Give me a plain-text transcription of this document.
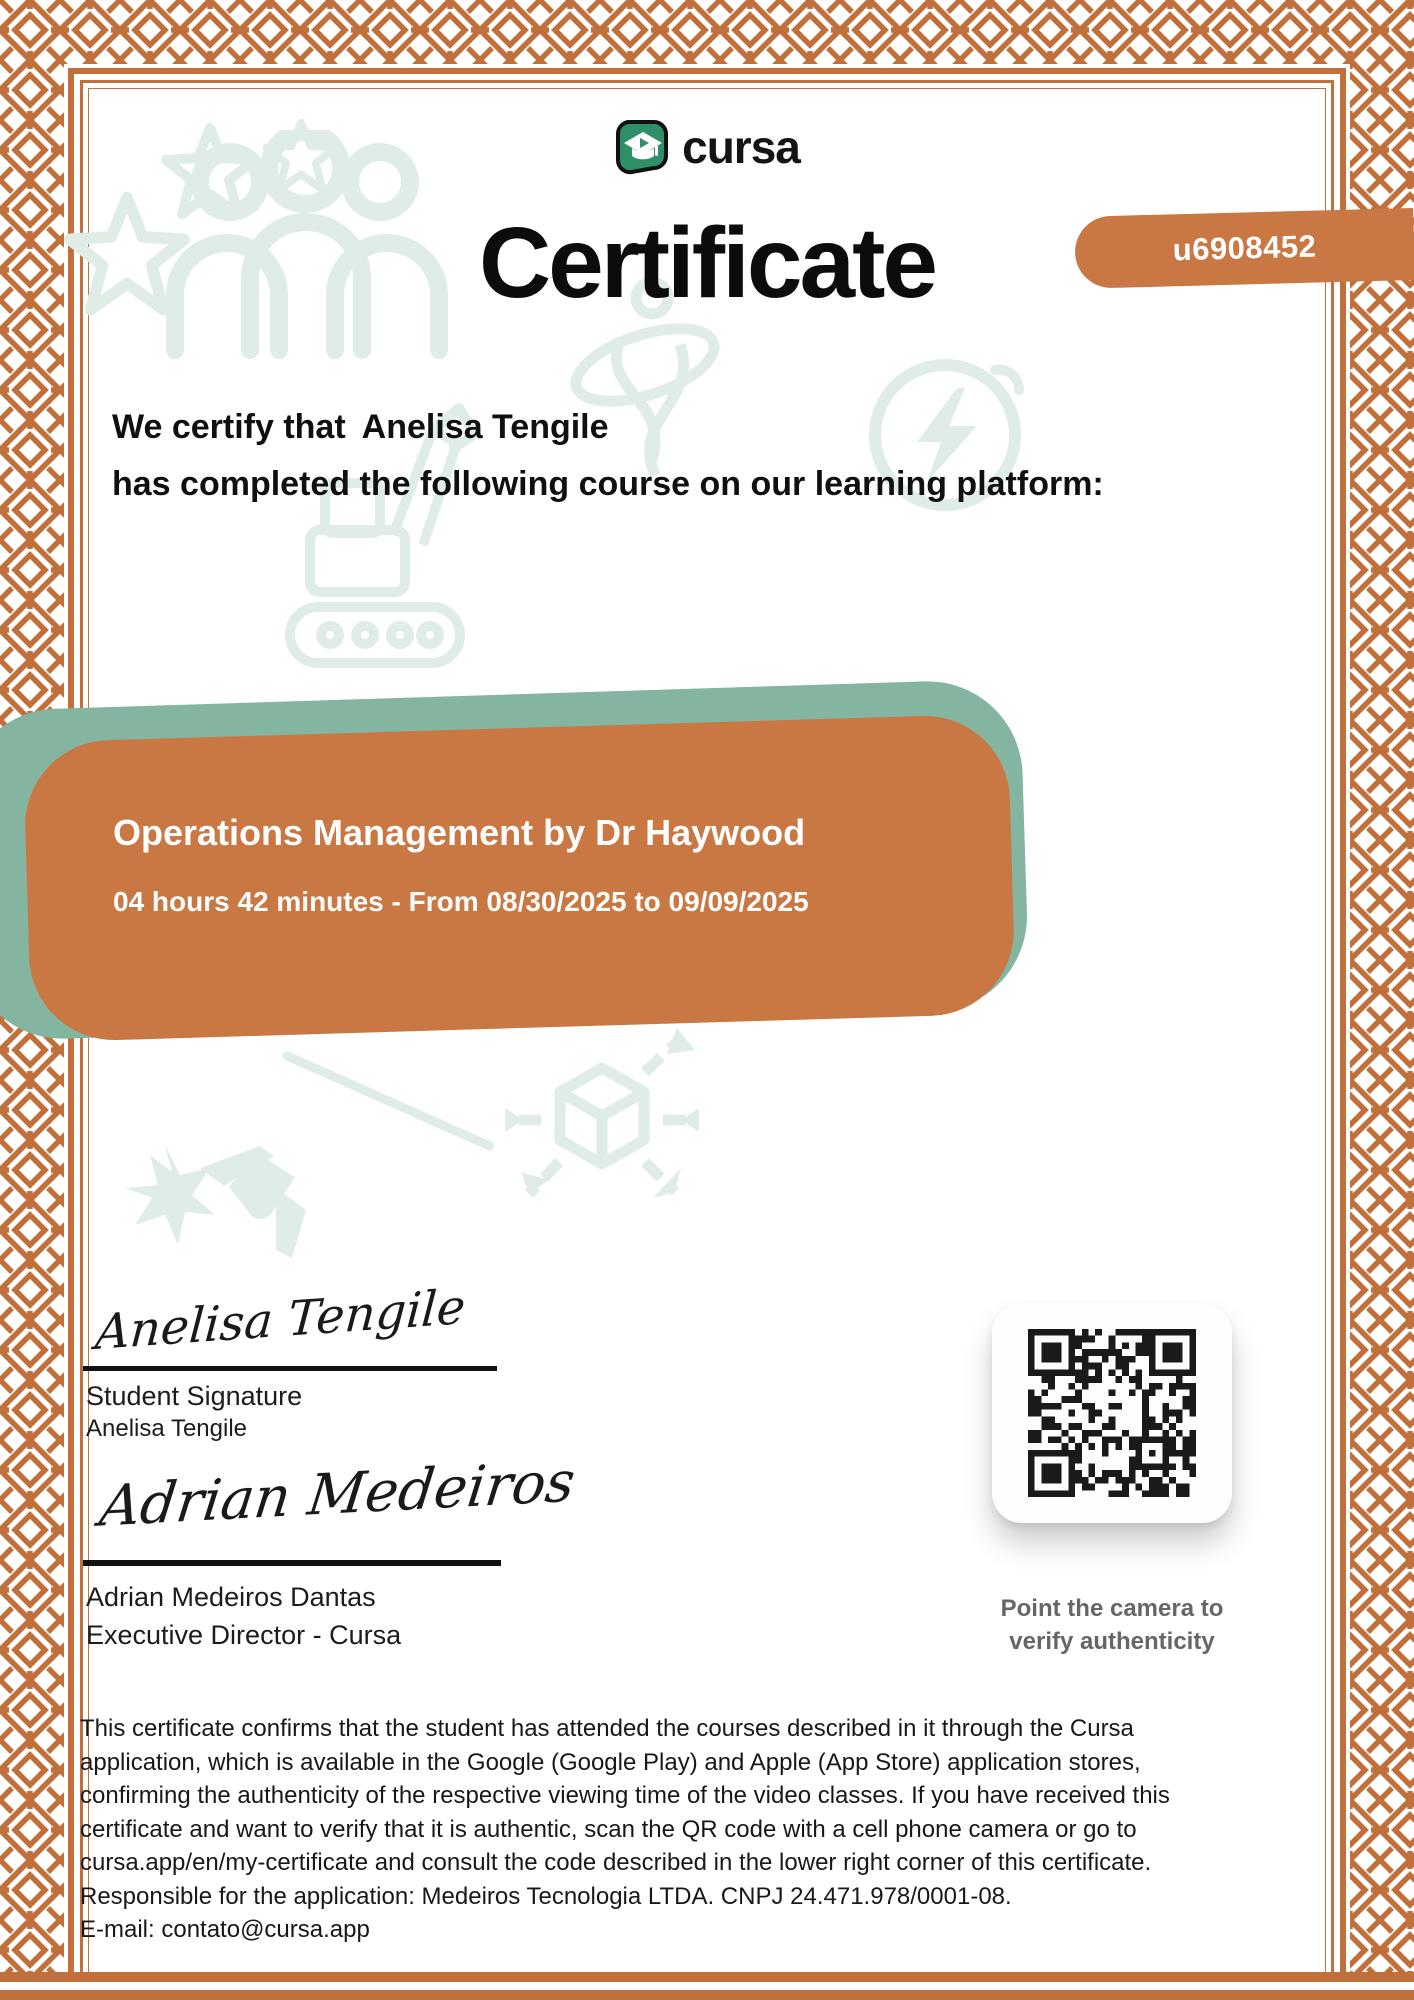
cursa
Certificate	u6908452
We certify that Anelisa Tengile
has completed the following course on our learning platform:
Operations Management by Dr Haywood
04 hours 42 minutes - From 08/30/2025 to 09/09/2025
Anelisa Tengile
Student Signature
Anelisa Tengile
Adrian Medeiros
Adrian Medeiros Dantas
Executive Director - Cursa
Point the camera to
verify authenticity
This certificate confirms that the student has attended the courses described in it through the Cursa application, which is available in the Google (Google Play) and Apple (App Store) application stores, confirming the authenticity of the respective viewing time of the video classes. If you have received this certificate and want to verify that it is authentic, scan the QR code with a cell phone camera or go to cursa.app/en/my-certificate and consult the code described in the lower right corner of this certificate. Responsible for the application: Medeiros Tecnologia LTDA. CNPJ 24.471.978/0001-08.
E-mail: contato@cursa.app
